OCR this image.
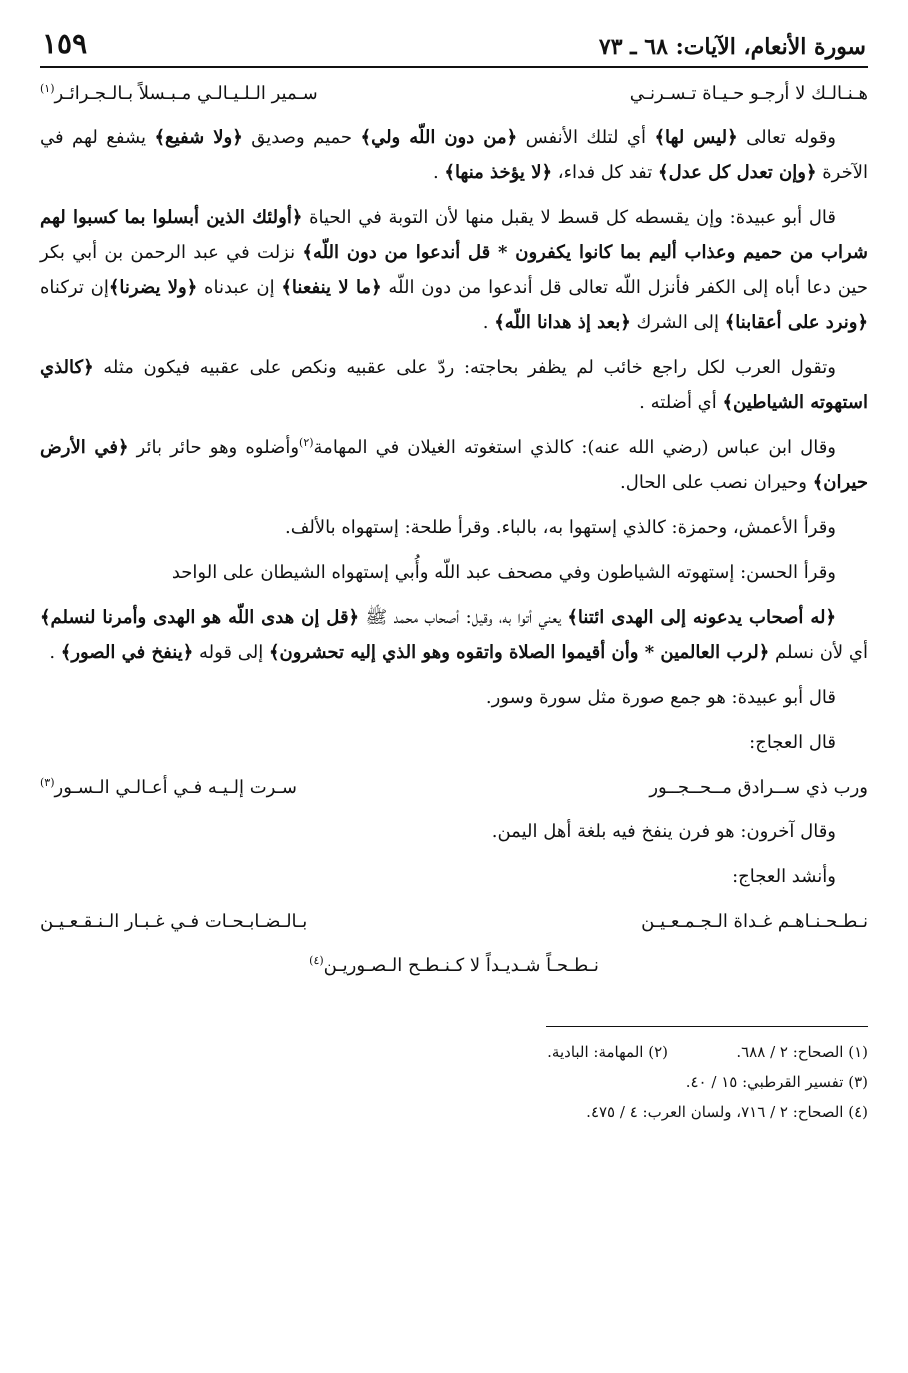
سورة الأنعام، الآيات: ٦٨ ـ ٧٣
١٥٩
هـنـالـك لا أرجـو حـيـاة تـسـرنـي
سـمير الـلـيـالـي مـبـسلاً بـالـجـرائـر$^{(١)}$

وقوله تعالى ﴿ليس لها﴾ أي لتلك الأنفس ﴿من دون اللّه ولي﴾ حميم وصديق ﴿ولا شفيع﴾ يشفع لهم في الآخرة ﴿وإن تعدل كل عدل﴾ تفد كل فداء، ﴿لا يؤخذ منها﴾ .

قال أبو عبيدة: وإن يقسطه كل قسط لا يقبل منها لأن التوبة في الحياة ﴿أولئك الذين أبسلوا بما كسبوا لهم شراب من حميم وعذاب أليم بما كانوا يكفرون * قل أندعوا من دون اللّه﴾ نزلت في عبد الرحمن بن أبي بكر حين دعا أباه إلى الكفر فأنزل اللّه تعالى قل أندعوا من دون اللّه ﴿ما لا ينفعنا﴾ إن عبدناه ﴿ولا يضرنا﴾إن تركناه ﴿ونرد على أعقابنا﴾ إلى الشرك ﴿بعد إذ هدانا اللّه﴾ .

وتقول العرب لكل راجع خائب لم يظفر بحاجته: ردّ على عقبيه ونكص على عقبيه فيكون مثله ﴿كالذي استهوته الشياطين﴾ أي أضلته .

وقال ابن عباس (رضي الله عنه): كالذي استغوته الغيلان في المهامة$^{(٢)}$وأضلوه وهو حائر بائر ﴿في الأرض حيران﴾ وحيران نصب على الحال.

وقرأ الأعمش، وحمزة: كالذي إستهوا به، بالباء. وقرأ طلحة: إستهواه بالألف.

وقرأ الحسن: إستهوته الشياطون وفي مصحف عبد اللّه وأُبي إستهواه الشيطان على الواحد

﴿له أصحاب يدعونه إلى الهدى ائتنا﴾ يعني أتوا به، وقيل: أصحاب محمد ﷺ ﴿قل إن هدى اللّه هو الهدى وأمرنا لنسلم﴾ أي لأن نسلم ﴿لرب العالمين * وأن أقيموا الصلاة واتقوه وهو الذي إليه تحشرون﴾ إلى قوله ﴿ينفخ في الصور﴾ .

قال أبو عبيدة: هو جمع صورة مثل سورة وسور.

قال العجاج:

ورب ذي ســرادق مــحــجــور
سـرت إلـيـه فـي أعـالـي الـسـور$^{(٣)}$

وقال آخرون: هو فرن ينفخ فيه بلغة أهل اليمن.

وأنشد العجاج:

نـطـحـنـاهـم غـداة الـجـمـعـيـن
بـالـضـابـحـات فـي غـبـار الـنـقـعـيـن
نـطـحـاً شـديـداً لا كـنـطـح الـصـوريـن$^{(٤)}$
(١) الصحاح: ٢ / ٦٨٨.
(٢) المهامة: البادية.
(٣) تفسير القرطبي: ١٥ / ٤٠.
(٤) الصحاح: ٢ / ٧١٦، ولسان العرب: ٤ / ٤٧٥.
